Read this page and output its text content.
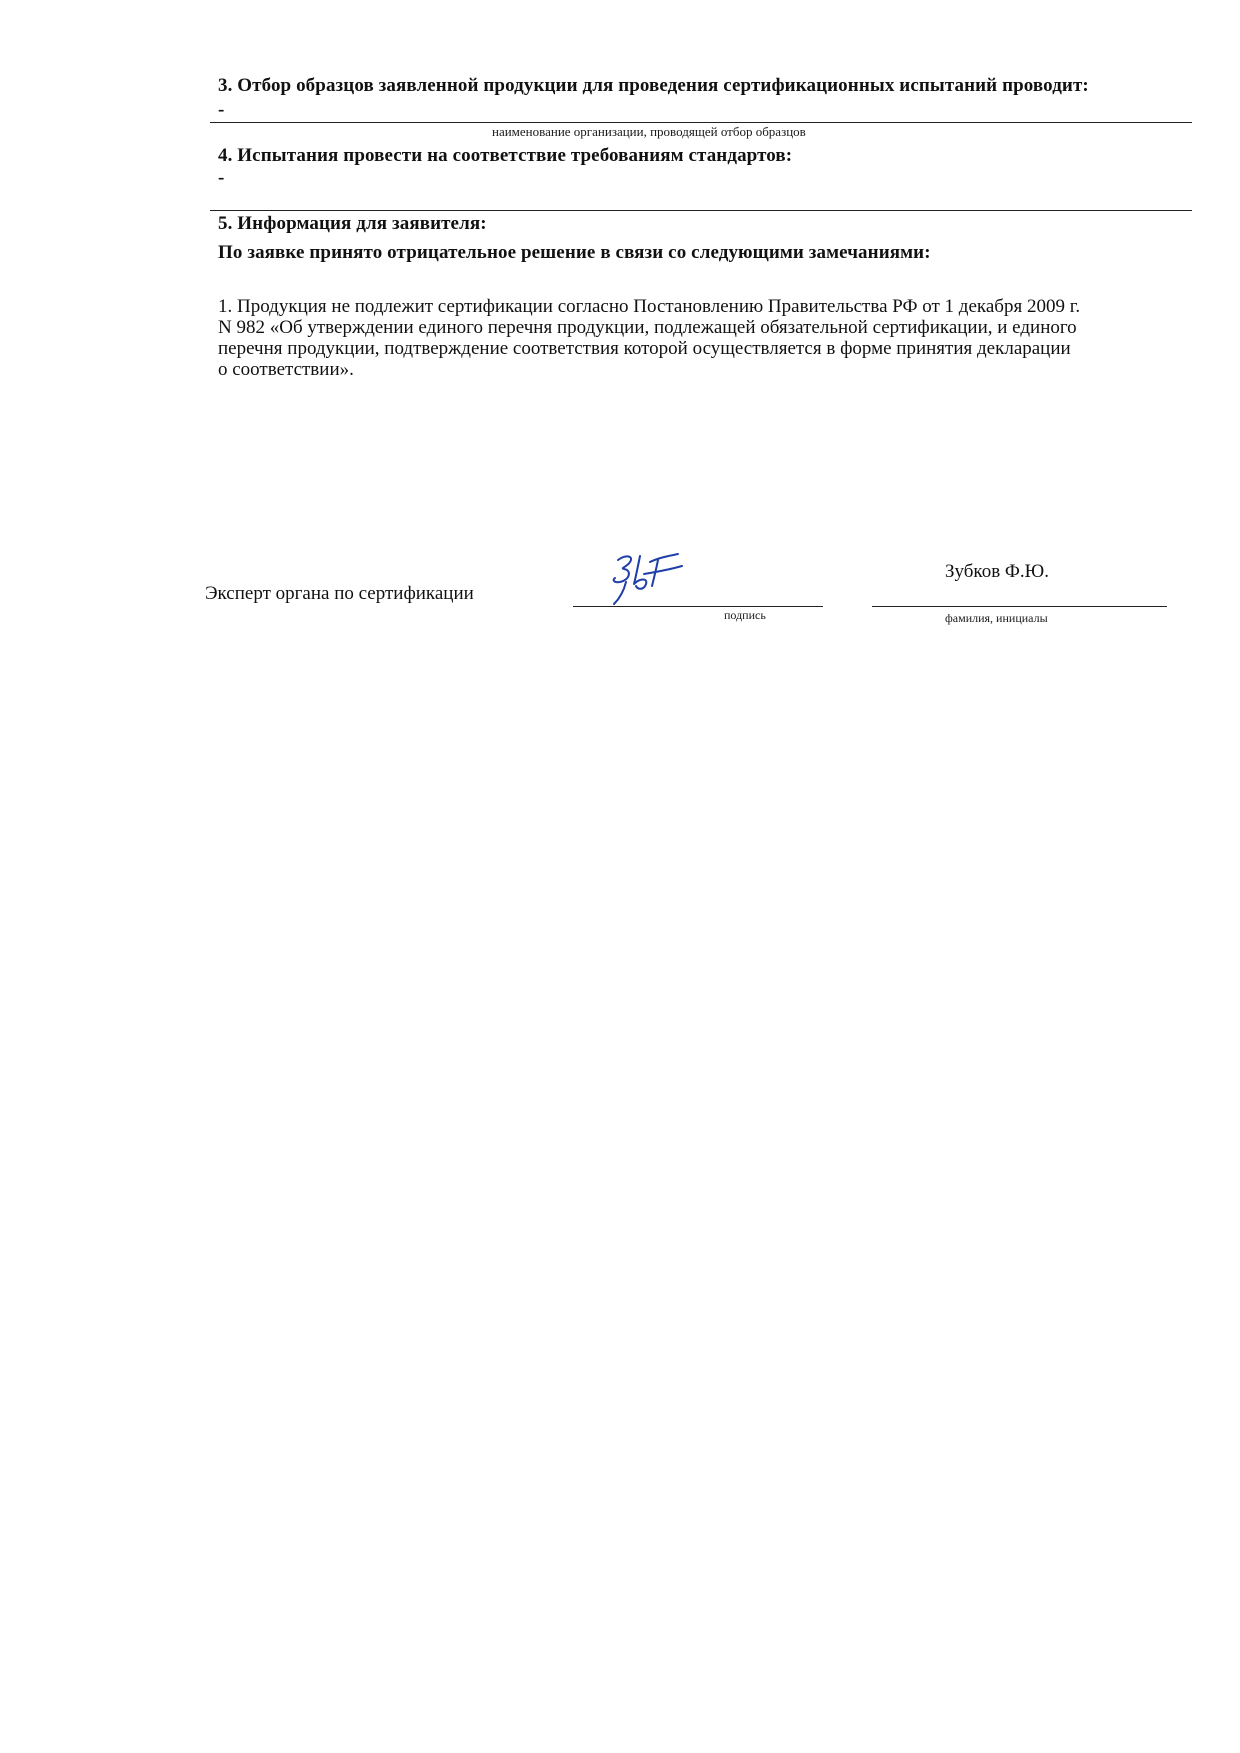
3. Отбор образцов заявленной продукции для проведения сертификационных испытаний проводит:
-
наименование организации, проводящей отбор образцов
4. Испытания провести на соответствие требованиям стандартов:
-
5. Информация для заявителя:
По заявке принято отрицательное решение в связи со следующими замечаниями:
1. Продукция не подлежит сертификации согласно Постановлению Правительства РФ от 1 декабря 2009 г.
N 982 «Об утверждении единого перечня продукции, подлежащей обязательной сертификации, и единого
перечня продукции, подтверждение соответствия которой осуществляется в форме принятия декларации
о соответствии».
Эксперт органа по сертификации
подпись
Зубков Ф.Ю.
фамилия, инициалы
